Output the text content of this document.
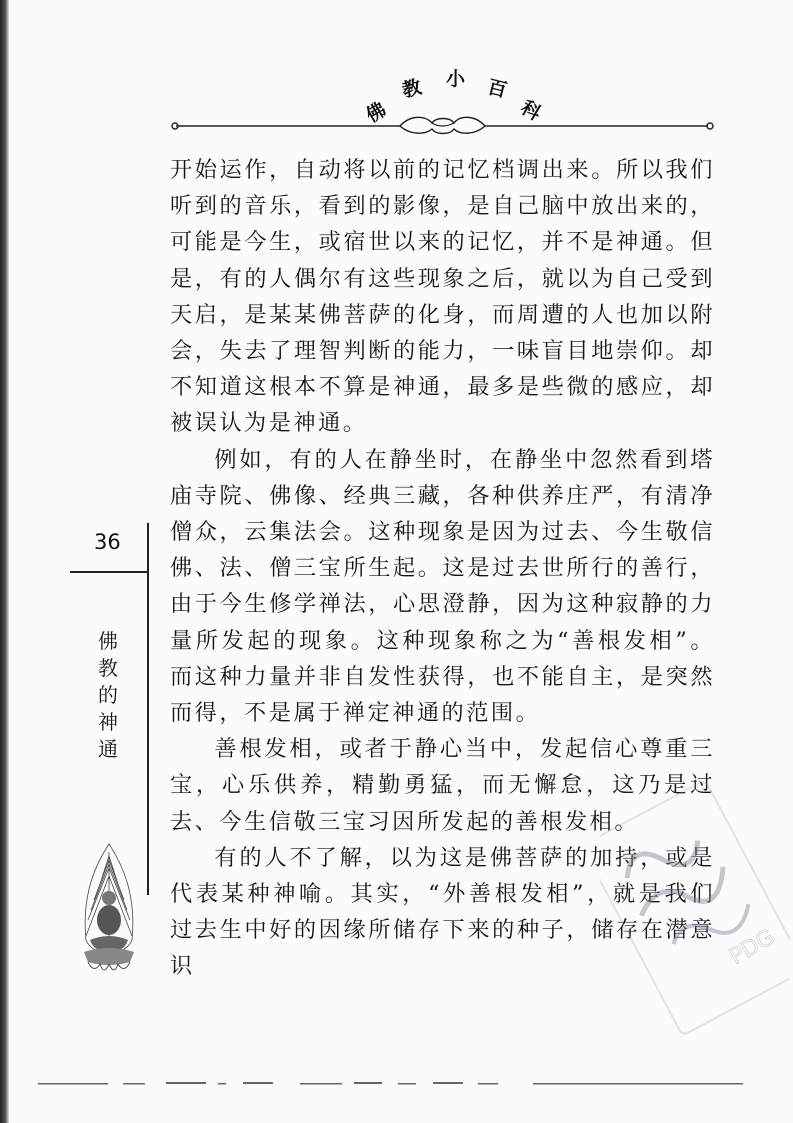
佛
教 小 百
科

开始运作，自动将以前的记忆档调出来。所以我们听到的音乐，看到的影像，是自己脑中放出来的，可能是今生，或宿世以来的记忆，并不是神通。但是，有的人偶尔有这些现象之后，就以为自己受到天启，是某某佛菩萨的化身，而周遭的人也加以附会，失去了理智判断的能力，一味盲目地崇仰。却不知道这根本不算是神通，最多是些微的感应，却被误认为是神通。

例如，有的人在静坐时，在静坐中忽然看到塔庙寺院、佛像、经典三藏，各种供养庄严，有清净僧众，云集法会。这种现象是因为过去、今生敬信佛、法、僧三宝所生起。这是过去世所行的善行，由于今生修学禅法，心思澄静，因为这种寂静的力量所发起的现象。这种现象称之为“善根发相”。而这种力量并非自发性获得，也不能自主，是突然而得，不是属于禅定神通的范围。

善根发相，或者于静心当中，发起信心尊重三宝，心乐供养，精勤勇猛，而无懈怠，这乃是过去、今生信敬三宝习因所发起的善根发相。

有的人不了解，以为这是佛菩萨的加持，或是代表某种神喻。其实，“外善根发相”，就是我们过去生中好的因缘所储存下来的种子，储存在潜意识

36
佛
教
的
神
通
PDG
